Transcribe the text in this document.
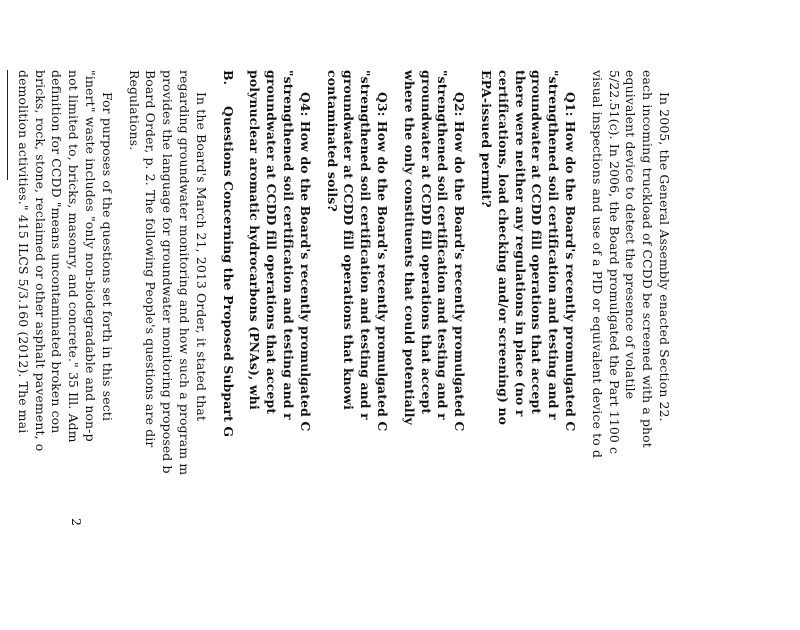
In 2005, the General Assembly enacted Section 22.
each incoming truckload of CCDD be screened with a phot
equivalent device to detect the presence of volatile
5/22.51(c). In 2006, the Board promulgated the Part 1100 c
visual inspections and use of a PID or equivalent device to d
Q1: How do the Board's recently promulgated C
"strengthened soil certification and testing and r
groundwater at CCDD fill operations that accept
there were neither any regulations in place (no r
certifications, load checking and/or screening) no
EPA-issued permit?
Q2: How do the Board's recently promulgated C
"strengthened soil certification and testing and r
groundwater at CCDD fill operations that accept
where the only constituents that could potentially
Q3: How do the Board's recently promulgated C
"strengthened soil certification and testing and r
groundwater at CCDD fill operations that knowi
contaminated soils?
Q4: How do the Board's recently promulgated C
"strengthened soil certification and testing and r
groundwater at CCDD fill operations that accept
polynuclear aromatic hydrocarbons (PNAs), whi
B.Questions Concerning the Proposed Subpart G
In the Board's March 21, 2013 Order, it stated that
regarding groundwater monitoring and how such a program m
provides the language for groundwater monitoring proposed b
Board Order, p. 2. The following People's questions are dir
Regulations.
For purposes of the questions set forth in this secti
"inert" waste includes "only non-biodegradable and non-p
not limited to, bricks, masonry, and concrete." 35 Ill. Adm
definition for CCDD "means uncontaminated broken con
bricks, rock, stone, reclaimed or other asphalt pavement, o
demolition activities." 415 ILCS 5/3.160 (2012). The mai
2
